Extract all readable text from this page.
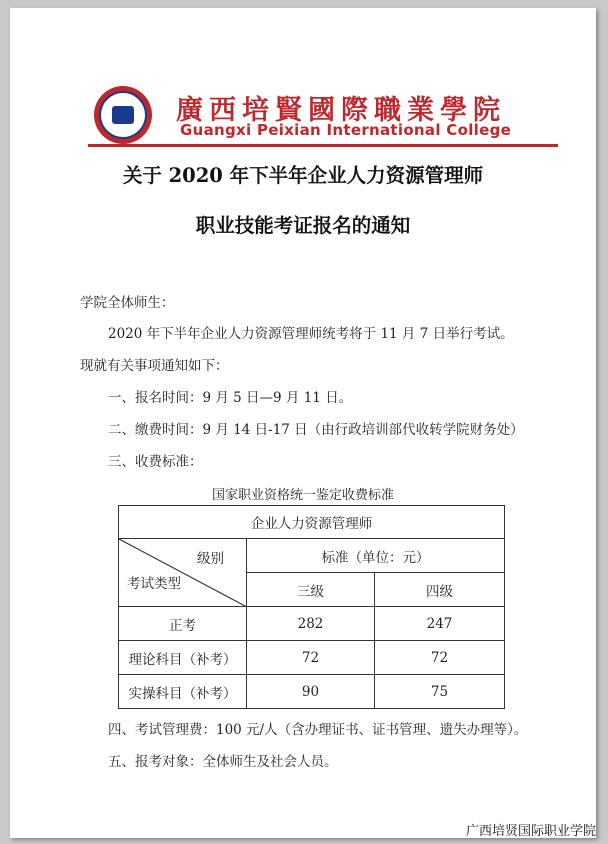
廣西培賢國際職業學院
Guangxi Peixian International College
关于 2020 年下半年企业人力资源管理师
职业技能考证报名的通知
学院全体师生：
2020 年下半年企业人力资源管理师统考将于 11 月 7 日举行考试。
现就有关事项通知如下：
一、报名时间：9 月 5 日—9 月 11 日。
二、缴费时间：9 月 14 日-17 日（由行政培训部代收转学院财务处）
三、收费标准：
国家职业资格统一鉴定收费标准
企业人力资源管理师		

级别
考试类型	标准（单位：元）	
	三级	四级
正考	282	247
理论科目（补考）	72	72
实操科目（补考）	90	75
四、考试管理费：100 元/人（含办理证书、证书管理、遗失办理等）。
五、报考对象：全体师生及社会人员。
广西培贤国际职业学院
